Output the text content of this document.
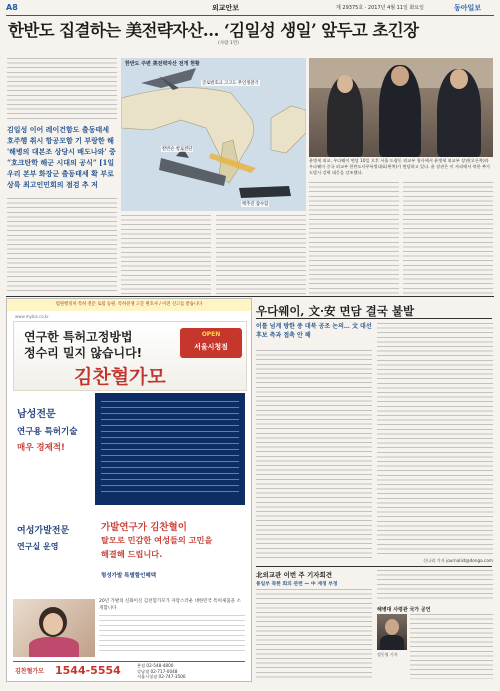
A8	외교안보	제 29375호 · 2017년 4월 11일 화요일	동아일보
한반도 집결하는 美전략자산… ‘김일성 생일’ 앞두고 초긴장
(사람 1면)
김일성 이어 레이건함도 출동태세 호주행 취시 항공모함 기 부랑한 해 '해병의 대본조 상당시 배도나와' 중 “호크탄학 해군 시대의 공식” [1일 우리 본부 화장군 출동태세 확 부로 상륙 최고인민회의 점검 추 저
한반도 주변 美전략자산 전개 현황
글로벌호크 고고도 무인정찰기
칼빈슨 항모전단
핵추진 잠수함
윤병세 외교, 우다웨이 면담 10일 오후 서울 도렴동 외교부 청사에서 윤병세 외교부 장관(오른쪽)과 우다웨이 중국 외교부 한반도사무특별대표(왼쪽)가 면담하고 있다. 윤 장관은 이 자리에서 북한 추가 도발시 강력 대응을 강조했다.
법원행정처 특허 전문 로펌 동원. 특허분쟁 고문 변호사 / 이전 신고를 받습니다
www.mybiz.co.kr
연구한 특허고정방법
정수리 밀지 않습니다!
김찬혈가모
OPEN
서울시청점
남성전문
연구용 특허기술
매우 경제적!
여성가발전문
연구실 운영
가발연구가 김찬혈이
탈모로 민감한 여성들의 고민을
해결해 드립니다.
형성가발 특별할인혜택
20년 가발의 신화이신 김찬혈가모가 자랑스러운 대한민국 특허제품을 소개합니다
김찬혈가모 1544-5554	본점 02-548-4800
강남점 02-717-0048
서울시청점 02-747-3500
우다웨이, 文·安 면담 결국 불발
이틀 넘게 방한 중 대북 공조 논의… 文 대선후보 측과 접촉 안 해
신나리 기자 journalist@donga.com
北외교관 이번 주 기자회견
통일부 북한 회의 관련 — 中 재정 부정
해병대 사령관 국가 공언
정동영 기자
